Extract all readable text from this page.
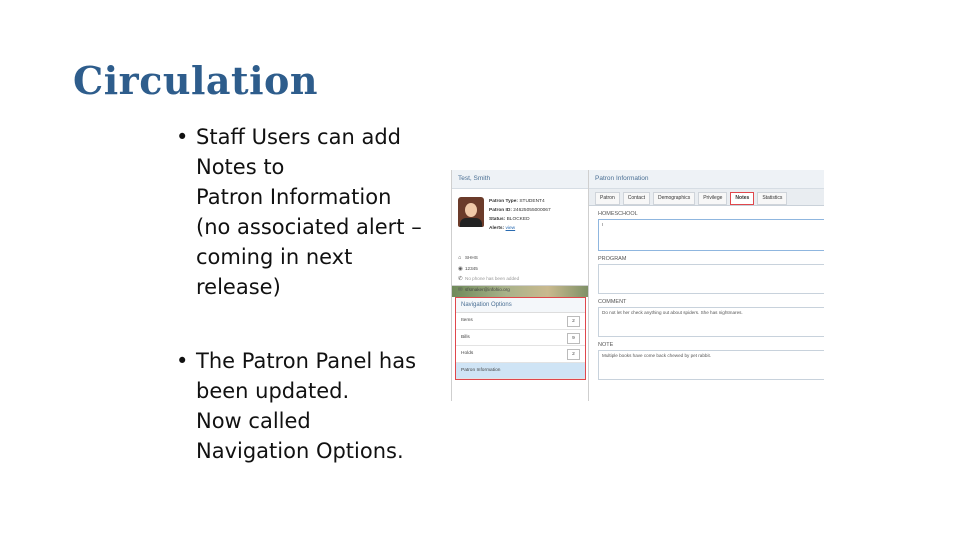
Circulation
• Staff Users can add
Notes to
Patron Information
(no associated alert –
coming in next
release)
• The Patron Panel has
been updated.
Now called
Navigation Options.
Test, Smith
Patron Type: STUDENT4
Patron ID: 24625055000067
Status: BLOCKED
Alerts: view
⌂ SHHS
◉ 12345
✆ No phone has been added
✉ sfsmaker@infohio.org
Navigation Options
Items	2
Bills	9
Holds	2
Patron Information
Patron Information
Patron	Contact	Demographics	Privilege	Notes	Statistics
HOMESCHOOL
I
PROGRAM
COMMENT
Do not let her check anything out about spiders. She has nightmares.
NOTE
Multiple books have come back chewed by pet rabbit.
